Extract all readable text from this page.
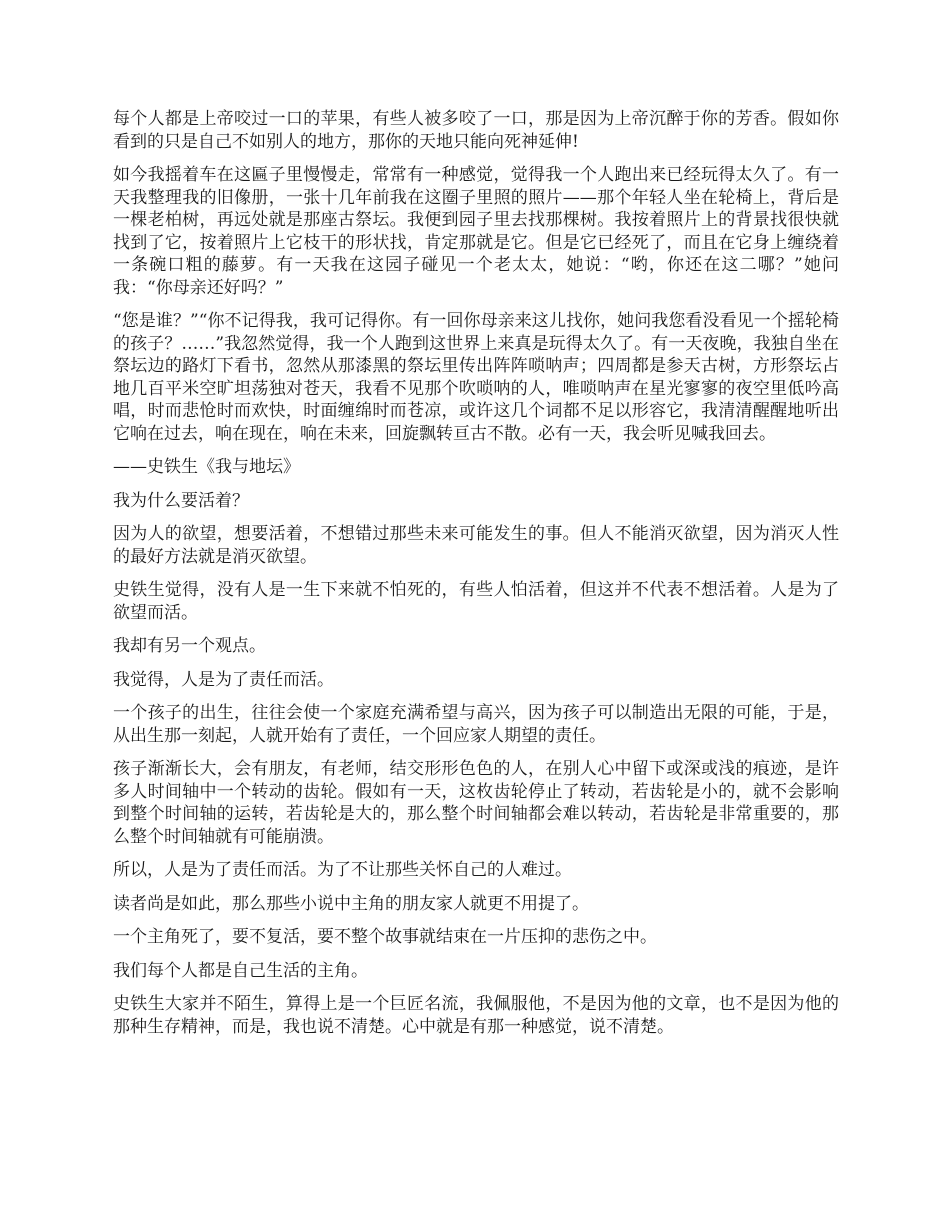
每个人都是上帝咬过一口的苹果，有些人被多咬了一口，那是因为上帝沉醉于你的芳香。假如你看到的只是自己不如别人的地方，那你的天地只能向死神延伸!

如今我摇着车在这匾子里慢慢走，常常有一种感觉，觉得我一个人跑出来已经玩得太久了。有一天我整理我的旧像册，一张十几年前我在这圈子里照的照片——那个年轻人坐在轮椅上，背后是一棵老柏树，再远处就是那座古祭坛。我便到园子里去找那棵树。我按着照片上的背景找很快就找到了它，按着照片上它枝干的形状找，肯定那就是它。但是它已经死了，而且在它身上缠绕着一条碗口粗的藤萝。有一天我在这园子碰见一个老太太，她说：“哟，你还在这二哪？”她问我：“你母亲还好吗？”

“您是谁？”“你不记得我，我可记得你。有一回你母亲来这儿找你，她问我您看没看见一个摇轮椅的孩子？……”我忽然觉得，我一个人跑到这世界上来真是玩得太久了。有一天夜晚，我独自坐在祭坛边的路灯下看书，忽然从那漆黑的祭坛里传出阵阵唢呐声；四周都是参天古树，方形祭坛占地几百平米空旷坦荡独对苍天，我看不见那个吹唢呐的人，唯唢呐声在星光寥寥的夜空里低吟高唱，时而悲怆时而欢快，时面缠绵时而苍凉，或许这几个词都不足以形容它，我清清醒醒地听出它响在过去，响在现在，响在未来，回旋飘转亘古不散。必有一天，我会听见喊我回去。

——史铁生《我与地坛》

我为什么要活着？

因为人的欲望，想要活着，不想错过那些未来可能发生的事。但人不能消灭欲望，因为消灭人性的最好方法就是消灭欲望。

史铁生觉得，没有人是一生下来就不怕死的，有些人怕活着，但这并不代表不想活着。人是为了欲望而活。

我却有另一个观点。

我觉得，人是为了责任而活。

一个孩子的出生，往往会使一个家庭充满希望与高兴，因为孩子可以制造出无限的可能，于是，从出生那一刻起，人就开始有了责任，一个回应家人期望的责任。

孩子渐渐长大，会有朋友，有老师，结交形形色色的人，在别人心中留下或深或浅的痕迹，是许多人时间轴中一个转动的齿轮。假如有一天，这枚齿轮停止了转动，若齿轮是小的，就不会影响到整个时间轴的运转，若齿轮是大的，那么整个时间轴都会难以转动，若齿轮是非常重要的，那么整个时间轴就有可能崩溃。

所以，人是为了责任而活。为了不让那些关怀自己的人难过。

读者尚是如此，那么那些小说中主角的朋友家人就更不用提了。

一个主角死了，要不复活，要不整个故事就结束在一片压抑的悲伤之中。

我们每个人都是自己生活的主角。

史铁生大家并不陌生，算得上是一个巨匠名流，我佩服他，不是因为他的文章，也不是因为他的那种生存精神，而是，我也说不清楚。心中就是有那一种感觉，说不清楚。
